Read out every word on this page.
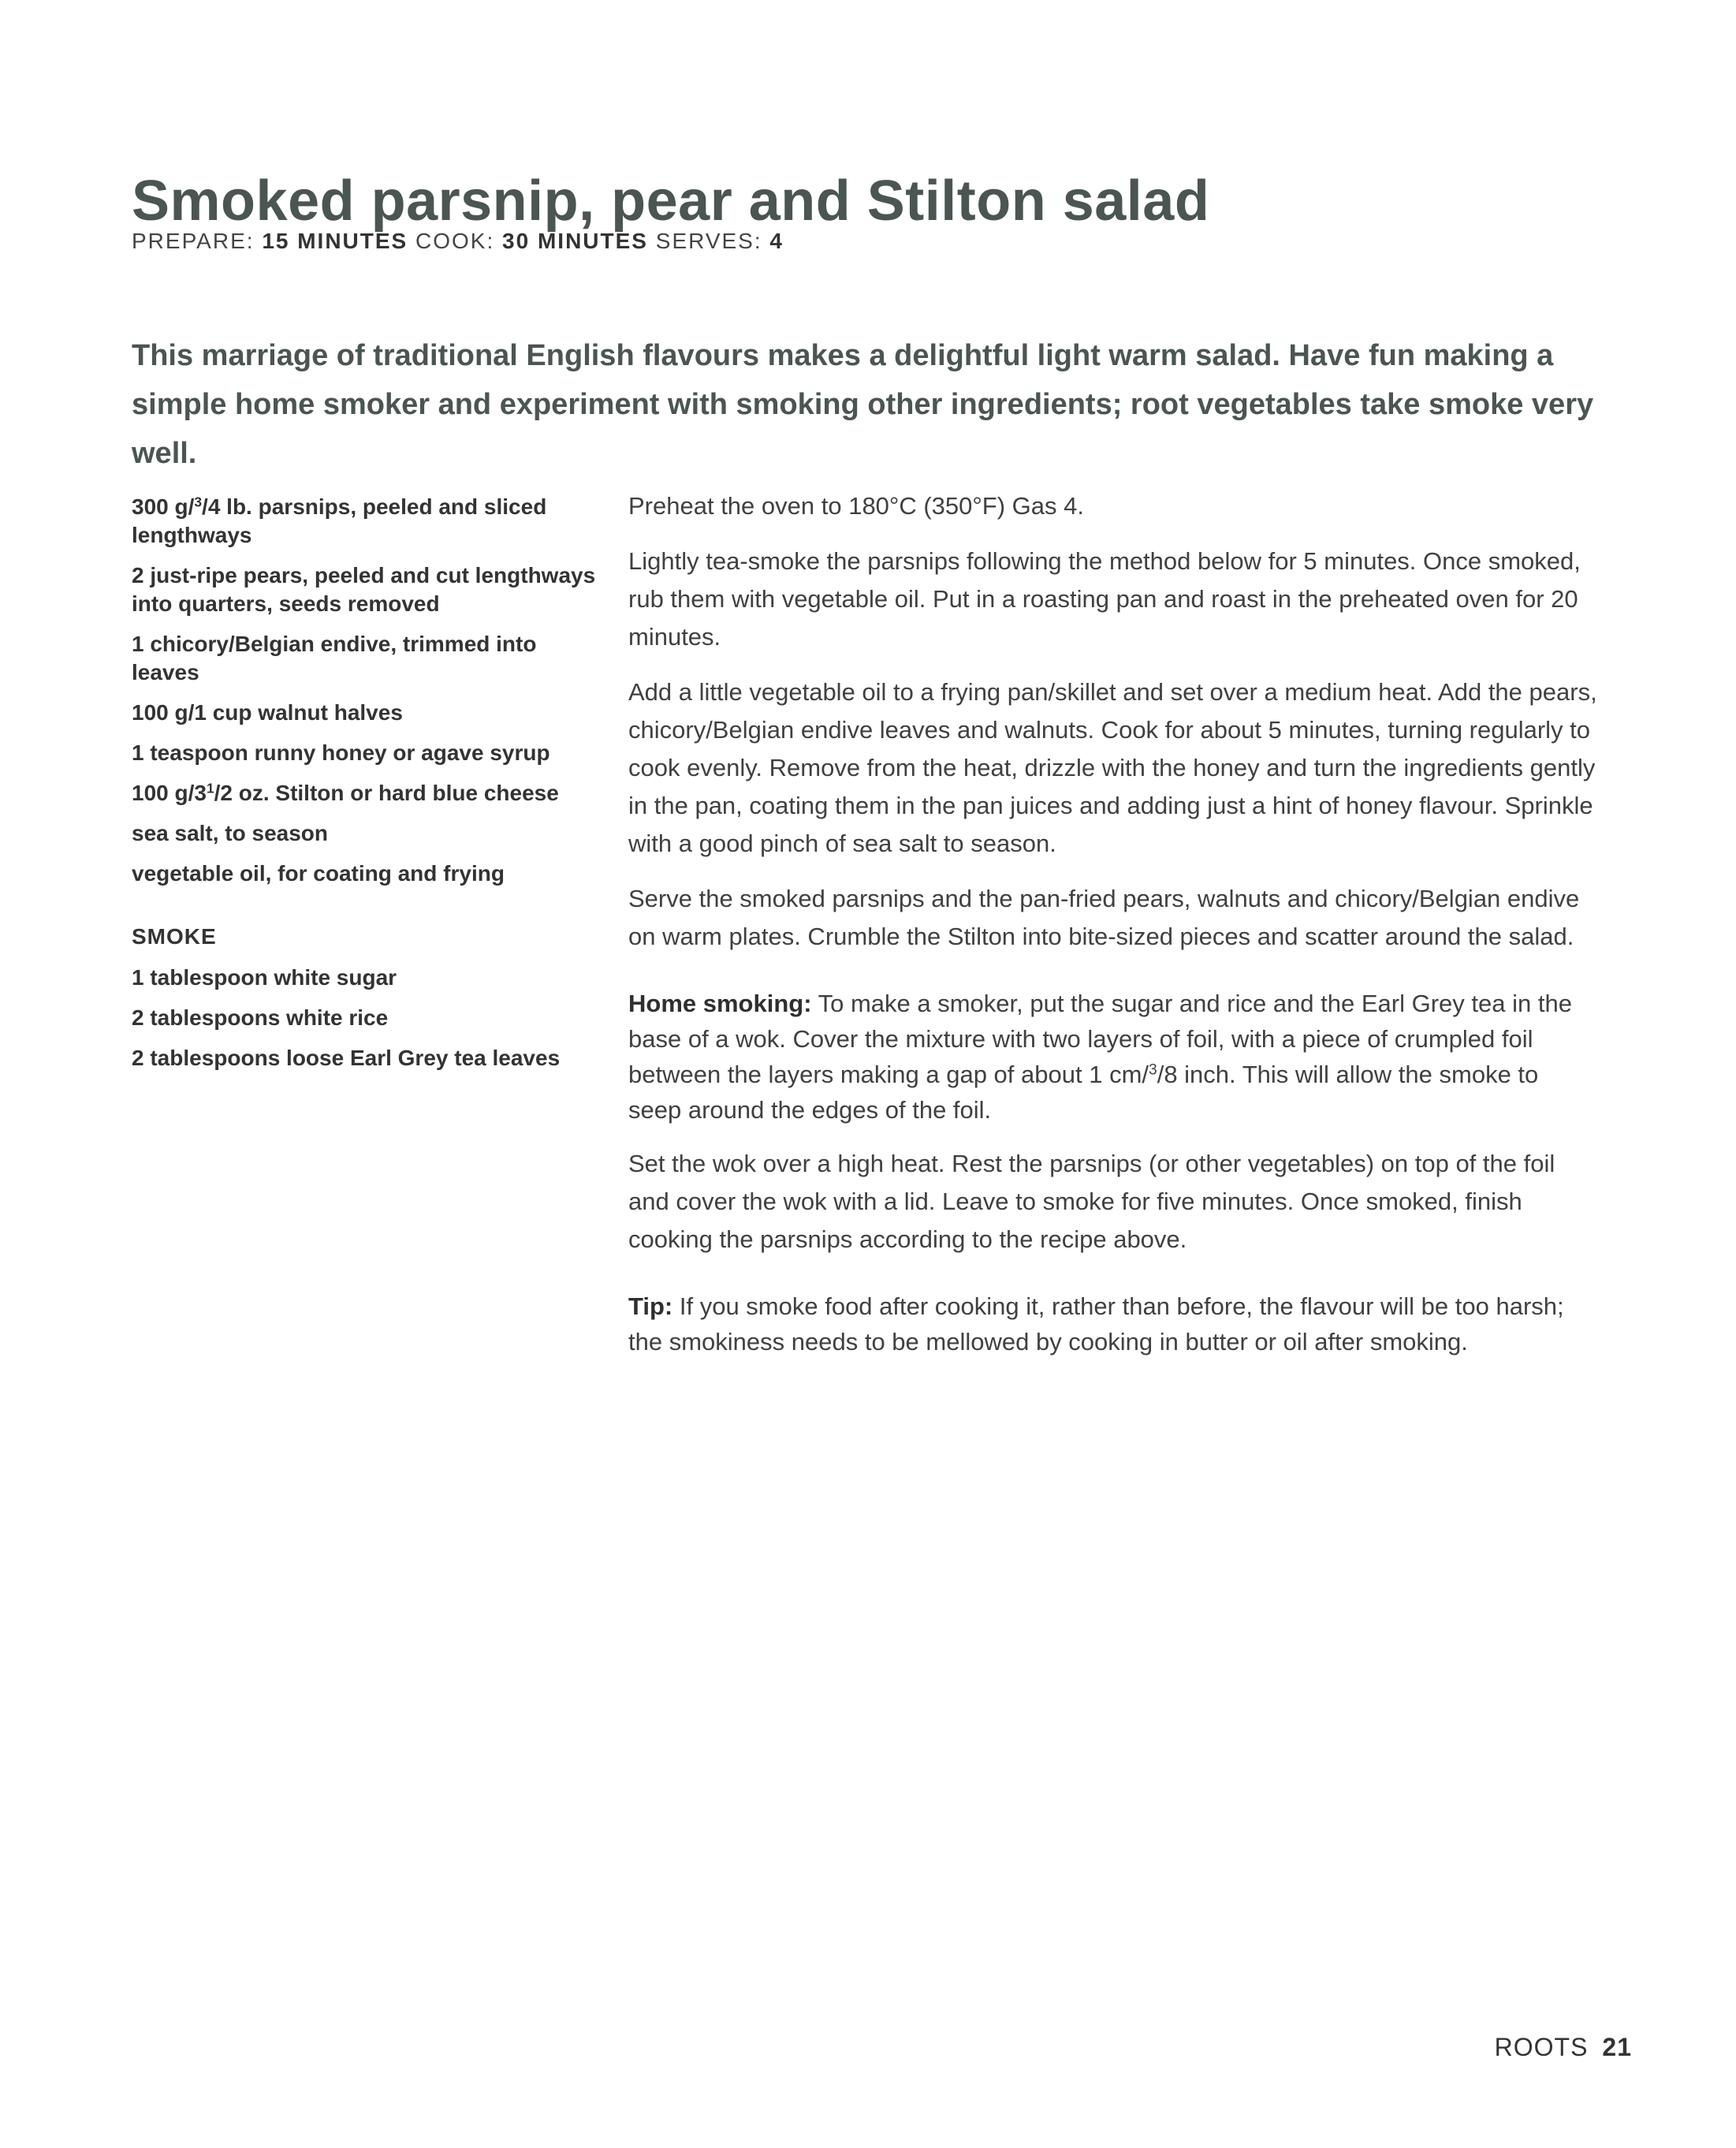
Smoked parsnip, pear and Stilton salad
PREPARE: 15 MINUTES COOK: 30 MINUTES SERVES: 4

This marriage of traditional English flavours makes a delightful light warm salad. Have fun making a simple home smoker and experiment with smoking other ingredients; root vegetables take smoke very well.

300 g/$^3$/4 lb. parsnips, peeled and sliced lengthways
2 just-ripe pears, peeled and cut lengthways into quarters, seeds removed
1 chicory/Belgian endive, trimmed into leaves
100 g/1 cup walnut halves
1 teaspoon runny honey or agave syrup
100 $g/3^1/2$ oz. Stilton or hard blue cheese
sea salt, to season
vegetable oil, for coating and frying
SMOKE
1 tablespoon white sugar
2 tablespoons white rice
2 tablespoons loose Earl Grey tea leaves

Preheat the oven to 180°C (350°F) Gas 4.

Lightly tea-smoke the parsnips following the method below for 5 minutes. Once smoked, rub them with vegetable oil. Put in a roasting pan and roast in the preheated oven for 20 minutes.

Add a little vegetable oil to a frying pan/skillet and set over a medium heat. Add the pears, chicory/Belgian endive leaves and walnuts. Cook for about 5 minutes, turning regularly to cook evenly. Remove from the heat, drizzle with the honey and turn the ingredients gently in the pan, coating them in the pan juices and adding just a hint of honey flavour. Sprinkle with a good pinch of sea salt to season.

Serve the smoked parsnips and the pan-fried pears, walnuts and chicory/Belgian endive on warm plates. Crumble the Stilton into bite-sized pieces and scatter around the salad.

Home smoking: To make a smoker, put the sugar and rice and the Earl Grey tea in the base of a wok. Cover the mixture with two layers of foil, with a piece of crumpled foil between the layers making a gap of about 1 cm/$^3$/8 inch. This will allow the smoke to seep around the edges of the foil.

Set the wok over a high heat. Rest the parsnips (or other vegetables) on top of the foil and cover the wok with a lid. Leave to smoke for five minutes. Once smoked, finish cooking the parsnips according to the recipe above.

Tip: If you smoke food after cooking it, rather than before, the flavour will be too harsh; the smokiness needs to be mellowed by cooking in butter or oil after smoking.

ROOTS 21
